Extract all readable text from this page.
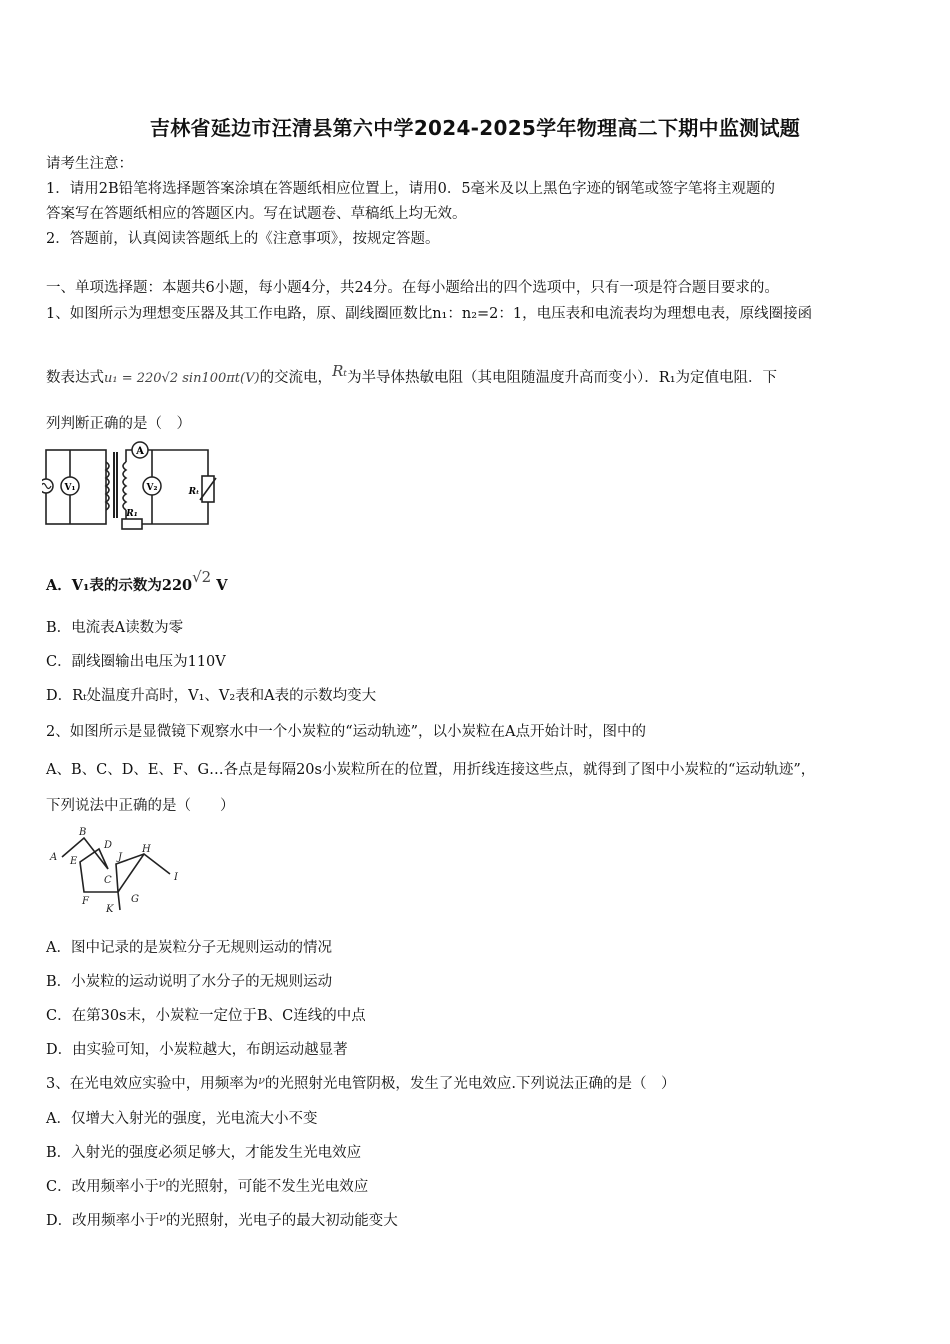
吉林省延边市汪清县第六中学2024-2025学年物理高二下期中监测试题
请考生注意：
1．请用2B铅笔将选择题答案涂填在答题纸相应位置上，请用0．5毫米及以上黑色字迹的钢笔或签字笔将主观题的
答案写在答题纸相应的答题区内。写在试题卷、草稿纸上均无效。
2．答题前，认真阅读答题纸上的《注意事项》，按规定答题。
一、单项选择题：本题共6小题，每小题4分，共24分。在每小题给出的四个选项中，只有一项是符合题目要求的。
1、如图所示为理想变压器及其工作电路，原、副线圈匝数比n₁：n₂=2：1，电压表和电流表均为理想电表，原线圈接函
数表达式u₁ = 220√2 sin100πt(V)的交流电，Rₜ为半导体热敏电阻（其电阻随温度升高而变小）．R₁为定值电阻．下
列判断正确的是（　）
V₁
A
V₂
R₁
Rₜ
A．V₁表的示数为220√2 V
B．电流表A读数为零
C．副线圈输出电压为110V
D．Rₜ处温度升高时，V₁、V₂表和A表的示数均变大
2、如图所示是显微镜下观察水中一个小炭粒的“运动轨迹”，以小炭粒在A点开始计时，图中的
A、B、C、D、E、F、G…各点是每隔20s小炭粒所在的位置，用折线连接这些点，就得到了图中小炭粒的“运动轨迹”，
下列说法中正确的是（　　）
A
B
C
D
E
F	G
H
I
J
K
A．图中记录的是炭粒分子无规则运动的情况
B．小炭粒的运动说明了水分子的无规则运动
C．在第30s末，小炭粒一定位于B、C连线的中点
D．由实验可知，小炭粒越大，布朗运动越显著
3、在光电效应实验中，用频率为$^\nu$的光照射光电管阴极，发生了光电效应.下列说法正确的是（　）
A．仅增大入射光的强度，光电流大小不变
B．入射光的强度必须足够大，才能发生光电效应
C．改用频率小于$^\nu$的光照射，可能不发生光电效应
D．改用频率小于$^\nu$的光照射，光电子的最大初动能变大
